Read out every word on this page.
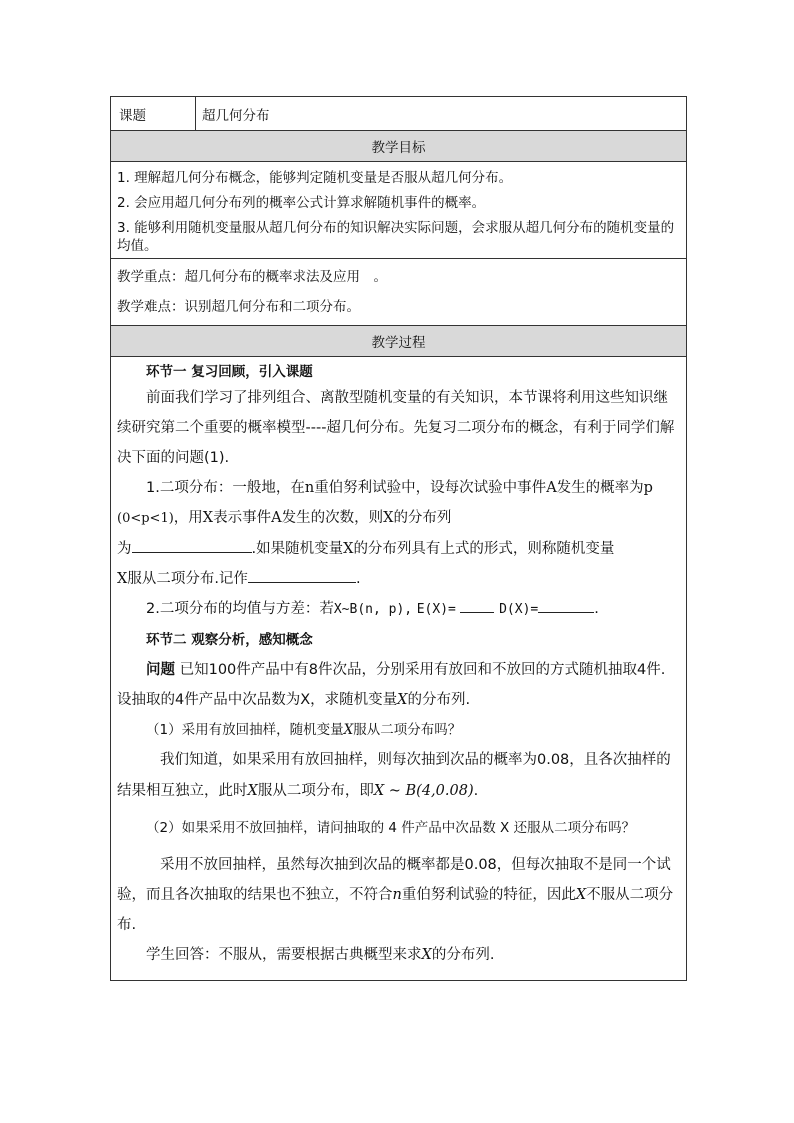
课题	超几何分布
教学目标

1. 理解超几何分布概念，能够判定随机变量是否服从超几何分布。

2. 会应用超几何分布列的概率公式计算求解随机事件的概率。

3. 能够利用随机变量服从超几何分布的知识解决实际问题，会求服从超几何分布的随机变量的均值。

教学重点：超几何分布的概率求法及应用　。

教学难点：识别超几何分布和二项分布。

教学过程

环节一 复习回顾，引入课题

前面我们学习了排列组合、离散型随机变量的有关知识，本节课将利用这些知识继续研究第二个重要的概率模型----超几何分布。先复习二项分布的概念，有利于同学们解决下面的问题(1).

1.二项分布：一般地，在n重伯努利试验中，设每次试验中事件A发生的概率为p (0<p<1)，用X表示事件A发生的次数，则X的分布列

为	.如果随机变量X的分布列具有上式的形式，则称随机变量

X服从二项分布.记作	.

2.二项分布的均值与方差：若X~B(n, p), E(X)=	D(X)=	.

环节二 观察分析，感知概念

问题 已知100件产品中有8件次品，分别采用有放回和不放回的方式随机抽取4件. 设抽取的4件产品中次品数为X，求随机变量X的分布列.

（1）采用有放回抽样，随机变量X服从二项分布吗？

我们知道，如果采用有放回抽样，则每次抽到次品的概率为0.08，且各次抽样的结果相互独立，此时X服从二项分布，即X ~ B(4,0.08).

（2）如果采用不放回抽样，请问抽取的 4 件产品中次品数 X 还服从二项分布吗？

采用不放回抽样，虽然每次抽到次品的概率都是0.08，但每次抽取不是同一个试验，而且各次抽取的结果也不独立，不符合n重伯努利试验的特征，因此X不服从二项分布.

学生回答：不服从，需要根据古典概型来求X的分布列.
